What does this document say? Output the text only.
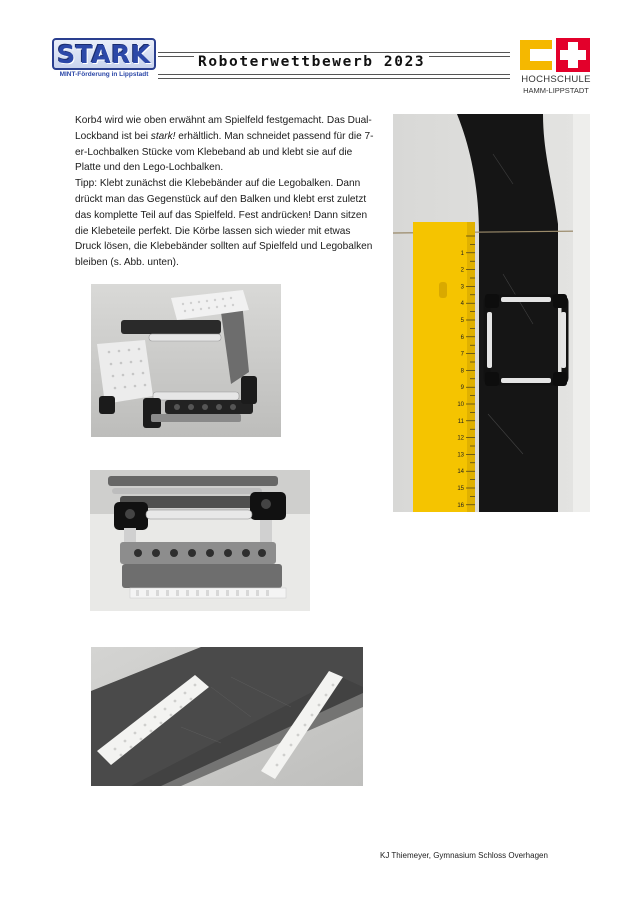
STARK
MINT-Förderung in Lippstadt
Roboterwettbewerb 2023
HOCHSCHULE
HAMM-LIPPSTADT

Korb4 wird wie oben erwähnt am Spielfeld festgemacht. Das Dual-Lockband ist bei stark! erhältlich. Man schneidet passend für die 7-er-Lochbalken Stücke vom Klebeband ab und klebt sie auf die Platte und den Lego-Lochbalken.

Tipp: Klebt zunächst die Klebebänder auf die Legobalken. Dann drückt man das Gegenstück auf den Balken und klebt erst zuletzt das komplette Teil auf das Spielfeld. Fest andrücken! Dann sitzen die Klebeteile perfekt. Die Körbe lassen sich wieder mit etwas Druck lösen, die Klebebänder sollten auf Spielfeld und Legobalken bleiben (s. Abb. unten).

1
2
3
4
5
6
7
8
9
10
11
12
13
14
15
16
KJ Thiemeyer, Gymnasium Schloss Overhagen
